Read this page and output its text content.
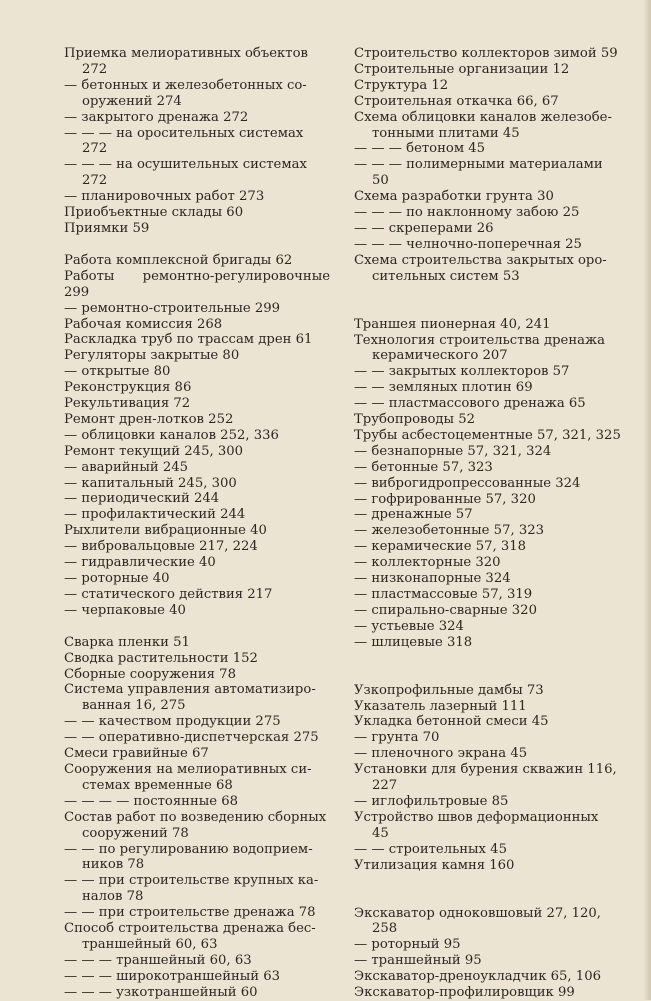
Приемка мелиоративных объектов
272
— бетонных и железобетонных со-
оружений 274
— закрытого дренажа 272
— — — на оросительных системах
272
— — — на осушительных системах
272
— планировочных работ 273
Приобъектные склады 60
Приямки 59
Работа комплексной бригады 62
Работы ремонтно-регулировочные 299
— ремонтно-строительные 299
Рабочая комиссия 268
Раскладка труб по трассам дрен 61
Регуляторы закрытые 80
— открытые 80
Реконструкция 86
Рекультивация 72
Ремонт дрен-лотков 252
— облицовки каналов 252, 336
Ремонт текущий 245, 300
— аварийный 245
— капитальный 245, 300
— периодический 244
— профилактический 244
Рыхлители вибрационные 40
— вибровальцовые 217, 224
— гидравлические 40
— роторные 40
— статического действия 217
— черпаковые 40
Сварка пленки 51
Сводка растительности 152
Сборные сооружения 78
Система управления автоматизиро-
ванная 16, 275
— — качеством продукции 275
— — оперативно-диспетчерская 275
Смеси гравийные 67
Сооружения на мелиоративных си-
стемах временные 68
— — — — постоянные 68
Состав работ по возведению сборных
сооружений 78
— — по регулированию водоприем-
ников 78
— — при строительстве крупных ка-
налов 78
— — при строительстве дренажа 78
Способ строительства дренажа бес-
траншейный 60, 63
— — — траншейный 60, 63
— — — широкотраншейный 63
— — — узкотраншейный 60
Строительство коллекторов зимой 59
Строительные организации 12
Структура 12
Строительная откачка 66, 67
Схема облицовки каналов железобе-
тонными плитами 45
— — — бетоном 45
— — — полимерными материалами
50
Схема разработки грунта 30
— — — по наклонному забою 25
— — скреперами 26
— — — челночно-поперечная 25
Схема строительства закрытых оро-
сительных систем 53
Траншея пионерная 40, 241
Технология строительства дренажа
керамического 207
— — закрытых коллекторов 57
— — земляных плотин 69
— — пластмассового дренажа 65
Трубопроводы 52
Трубы асбестоцементные 57, 321, 325
— безнапорные 57, 321, 324
— бетонные 57, 323
— виброгидропрессованные 324
— гофрированные 57, 320
— дренажные 57
— железобетонные 57, 323
— керамические 57, 318
— коллекторные 320
— низконапорные 324
— пластмассовые 57, 319
— спирально-сварные 320
— устьевые 324
— шлицевые 318
Узкопрофильные дамбы 73
Указатель лазерный 111
Укладка бетонной смеси 45
— грунта 70
— пленочного экрана 45
Установки для бурения скважин 116,
227
— иглофильтровые 85
Устройство швов деформационных
45
— — строительных 45
Утилизация камня 160
Экскаватор одноковшовый 27, 120,
258
— роторный 95
— траншейный 95
Экскаватор-дреноукладчик 65, 106
Экскаватор-профилировщик 99
